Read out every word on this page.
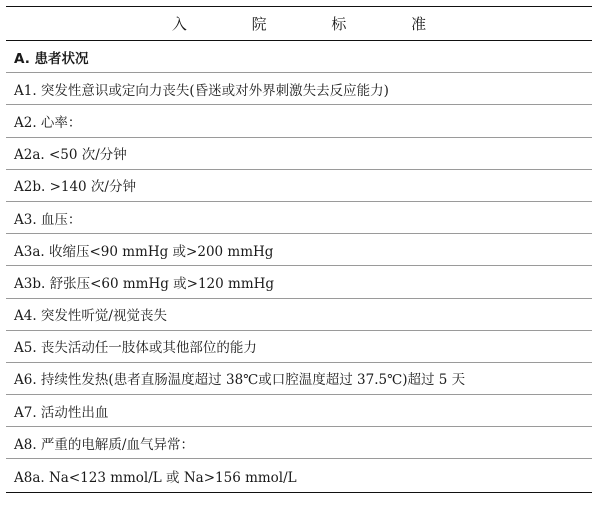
入 院 标 准
A. 患者状况
A1. 突发性意识或定向力丧失(昏迷或对外界刺激失去反应能力)
A2. 心率：
A2a. <50 次/分钟
A2b. >140 次/分钟
A3. 血压：
A3a. 收缩压<90 mmHg 或>200 mmHg
A3b. 舒张压<60 mmHg 或>120 mmHg
A4. 突发性听觉/视觉丧失
A5. 丧失活动任一肢体或其他部位的能力
A6. 持续性发热(患者直肠温度超过 38℃或口腔温度超过 37.5℃)超过 5 天
A7. 活动性出血
A8. 严重的电解质/血气异常：
A8a. Na<123 mmol/L 或 Na>156 mmol/L
